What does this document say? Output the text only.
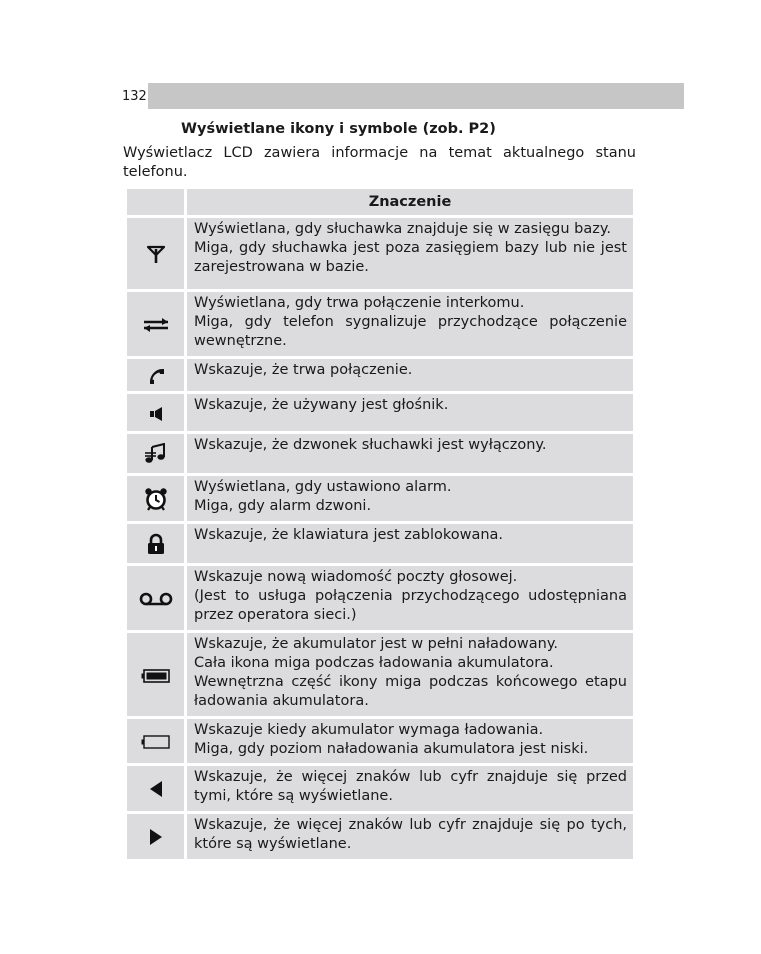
132
Wyświetlane ikony i symbole (zob. P2)
Wyświetlacz LCD zawiera informacje na temat aktualnego stanu telefonu.
	Znaczenie

Wyświetlana, gdy słuchawka znajduje się w zasięgu bazy.
Miga, gdy słuchawka jest poza zasięgiem bazy lub nie jest zarejestrowana w bazie.

Wyświetlana, gdy trwa połączenie interkomu.
Miga, gdy telefon sygnalizuje przychodzące połączenie wewnętrzne.

Wskazuje, że trwa połączenie.

Wskazuje, że używany jest głośnik.

Wskazuje, że dzwonek słuchawki jest wyłączony.

Wyświetlana, gdy ustawiono alarm.
Miga, gdy alarm dzwoni.

Wskazuje, że klawiatura jest zablokowana.

Wskazuje nową wiadomość poczty głosowej.
(Jest to usługa połączenia przychodzącego udostępniana przez operatora sieci.)

Wskazuje, że akumulator jest w pełni naładowany.
Cała ikona miga podczas ładowania akumulatora.
Wewnętrzna część ikony miga podczas końcowego etapu ładowania akumulatora.

Wskazuje kiedy akumulator wymaga ładowania.
Miga, gdy poziom naładowania akumulatora jest niski.

Wskazuje, że więcej znaków lub cyfr znajduje się przed tymi, które są wyświetlane.

Wskazuje, że więcej znaków lub cyfr znajduje się po tych, które są wyświetlane.
